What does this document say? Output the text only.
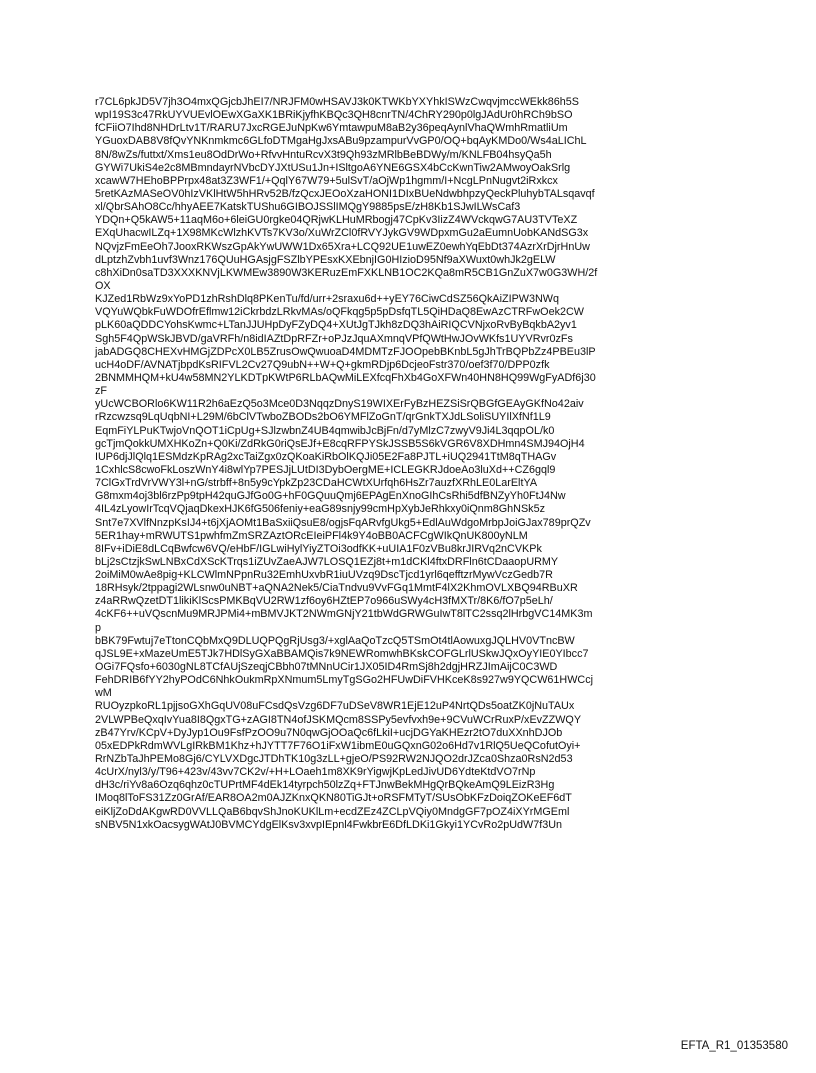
r7CL6pkJD5V7jh3O4mxQGjcbJhEI7/NRJFM0wHSAVJ3k0KTWKbYXYhkISWzCwqvjmccWEkk86h5S
wpI19S3c47RkUYVUEvlOEwXGaXK1BRiKjyfhKBQc3QH8cnrTN/4ChRY290p0lgJAdUr0hRCh9bSO
fCFiiO7Ihd8NHDrLtv1T/RARU7JxcRGEJuNpKw6YmtawpuM8aB2y36peqAynlVhaQWmhRmatliUm
YGuoxDAB8V8fQvYNKnmkmc6GLfoDTMgaHgJxsABu9pzampurVvGP0/OQ+bqAyKMDo0/Ws4aLIChL
8N/8wZs/futtxt/Xms1eu8OdDrWo+RfvvHntuRcvX3t9Qh93zMRlbBeBDWy/m/KNLFB04hsyQa5h
GYWi7UkiS4e2c8MBmndayrNVbcDYJXtUSu1Jn+ISltgoA6YNE6GSX4bCcKwnTiw2AMwoyOakSrlg
xcawW7HEhoBPPrpx48at3Z3WF1/+QqlY67W79+5ulSvT/aOjWp1hgmm/I+NcgLPnNugvt2iRxkcx
5retKAzMASeOV0hIzVKlHtW5hHRv52B/fzQcxJEOoXzaHONI1DIxBUeNdwbhpzyQeckPluhybTALsqavqf
xl/QbrSAhO8Cc/hhyAEE7KatskTUShu6GIBOJSSlIMQgY9885psE/zH8Kb1SJwILWsCaf3
YDQn+Q5kAW5+11aqM6o+6leiGU0rgke04QRjwKLHuMRbogj47CpKv3IizZ4WVckqwG7AU3TVTeXZ
EXqUhacwILZq+1X98MKcWlzhKVTs7KV3o/XuWrZCl0fRVYJykGV9WDpxmGu2aEumnUobKANdSG3x
NQvjzFmEeOh7JooxRKWszGpAkYwUWW1Dx65Xra+LCQ92UE1uwEZ0ewhYqEbDt374AzrXrDjrHnUw
dLptzhZvbh1uvf3Wnz176QUuHGAsjgFSZlbYPEsxKXEbnjIG0HIzioD95Nf9aXWuxt0whJk2gELW
c8hXiDn0saTD3XXXKNVjLKWMEw3890W3KERuzEmFXKLNB1OC2KQa8mR5CB1GnZuX7w0G3WH/2f
OX
KJZed1RbWz9xYoPD1zhRshDlq8PKenTu/fd/urr+2sraxu6d++yEY76CiwCdSZ56QkAiZIPW3NWq
VQYuWQbkFuWDOfrEflmw12iCkrbdzLRkvMAs/oQFkqg5p5pDsfqTL5QiHDaQ8EwAzCTRFwOek2CW
pLK60aQDDCYohsKwmc+LTanJJUHpDyFZyDQ4+XUtJgTJkh8zDQ3hAiRIQCVNjxoRvByBqkbA2yv1
Sgh5F4QpWSkJBVD/gaVRFh/n8idIAZtDpRFZr+oPJzJquAXmnqVPfQWtHwJOvWKfs1UYVRvr0zFs
jabADGQ8CHEXvHMGjZDPcX0LB5ZrusOwQwuoaD4MDMTzFJOOpebBKnbL5gJhTrBQPbZz4PBEu3lP
ucH4oDF/AVNATjbpdKsRIFVL2Cv27Q9ubN++W+Q+gkmRDjp6DcjeoFstr370/oef3f70/DPP0zfk
2BNMMHQM+kU4w58MN2YLKDTpKWtP6RLbAQwMiLEXfcqFhXb4GoXFWn40HN8HQ99WgFyADf6j30
zF
yUcWCBORlo6KW11R2h6aEzQ5o3Mce0D3NqqzDnyS19WIXErFyBzHEZSiSrQBGfGEAyGKfNo42aiv
rRzcwzsq9LqUqbNI+L29M/6bClVTwboZBODs2bO6YMFlZoGnT/qrGnkTXJdLSoliSUYIlXfNf1L9
EqmFiYLPuKTwjoVnQOT1iCpUg+SJlzwbnZ4UB4qmwibJcBjFn/d7yMlzC7zwyV9Ji4L3qqpOL/k0
gcTjmQokkUMXHKoZn+Q0Ki/ZdRkG0riQsEJf+E8cqRFPYSkJSSB5S6kVGR6V8XDHmn4SMJ94OjH4
IUP6djJlQlq1ESMdzKpRAg2xcTaiZgx0zQKoaKiRbOlKQJi05E2Fa8PJTL+iUQ2941TtM8qTHAGv
1CxhlcS8cwoFkLoszWnY4i8wlYp7PESJjLUtDI3DybOergME+ICLEGKRJdoeAo3luXd++CZ6gql9
7ClGxTrdVrVWY3l+nG/strbff+8n5y9cYpkZp23CDaHCWtXUrfqh6HsZr7auzfXRhLE0LarEltYA
G8mxm4oj3bl6rzPp9tpH42quGJfGo0G+hF0GQuuQmj6EPAgEnXnoGIhCsRhi5dfBNZyYh0FtJ4Nw
4IL4zLyowIrTcqVQjaqDkexHJK6fG506feniy+eaG89snjy99cmHpXybJeRhkxy0iQnm8GhNSk5z
Snt7e7XVlfNnzpKsIJ4+t6jXjAOMt1BaSxiiQsuE8/ogjsFqARvfgUkg5+EdlAuWdgoMrbpJoiGJax789prQZv
5ER1hay+mRWUTS1pwhfmZmSRZAztORcEIeiPFl4k9Y4oBB0ACFCgWIkQnUK800yNLM
8IFv+iDiE8dLCqBwfcw6VQ/eHbF/IGLwiHylYiyZTOi3odfKK+uUIA1F0zVBu8krJIRVq2nCVKPk
bLj2sCtzjkSwLNBxCdXScKTrqs1iZUvZaeAJW7LOSQ1EZj8t+m1dCKl4ftxDRFln6tCDaaopURMY
2oiMiM0wAe8pig+KLCWlmNPpnRu32EmhUxvbR1iuUVzq9DscTjcd1yrl6qefftzrMywVczGedb7R
18RHsyk/2tppagi2WLsnw0uNBT+aQNA2Nek5/CiaTndvu9VvFGq1MmtF4lX2KhmOVLXBQ94RBuXR
z4aRRwQzetDT1likiKlScsPMKBqVU2RW1zf6oy6HZtEP7o966uSWy4cH3fMXTr/8K6/fO7p5eLh/
4cKF6++uVQscnMu9MRJPMi4+mBMVJKT2NWmGNjY21tbWdGRWGuIwT8lTC2ssq2lHrbgVC14MK3m
p
bBK79Fwtuj7eTtonCQbMxQ9DLUQPQgRjUsg3/+xglAaQoTzcQ5TSmOt4tlAowuxgJQLHV0VTncBW
qJSL9E+xMazeUmE5TJk7HDlSyGXaBBAMQis7k9NEWRomwhBKskCOFGLrlUSkwJQxOyYIE0YIbcc7
OGi7FQsfo+6030gNL8TCfAUjSzeqjCBbh07tMNnUCir1JX05ID4RmSj8h2dgjHRZJImAijC0C3WD
FehDRIB6fYY2hyPOdC6NhkOukmRpXNmum5LmyTgSGo2HFUwDiFVHKceK8s927w9YQCW61HWCcj
wM
RUOyzpkoRL1pjjsoGXhGqUV08uFCsdQsVzg6DF7uDSeV8WR1EjE12uP4NrtQDs5oatZK0jNuTAUx
2VLWPBeQxqIvYua8I8QgxTG+zAGI8TN4ofJSKMQcm8SSPy5evfvxh9e+9CVuWCrRuxP/xEvZZWQY
zB47Yrv/KCpV+DyJyp1Ou9FsfPzOO9u7N0qwGjOOaQc6fLkiI+ucjDGYaKHEzr2tO7duXXnhDJOb
05xEDPkRdmWVLgIRkBM1Khz+hJYTT7F76O1iFxW1ibmE0uGQxnG02o6Hd7v1RlQ5UeQCofutOyi+
RrNZbTaJhPEMo8Gj6/CYLVXDgcJTDhTK10g3zLL+gjeO/PS92RW2NJQO2drJZca0Shza0RsN2d53
4cUrX/nyl3/y/T96+423v/43vv7CK2v/+H+LOaeh1m8XK9rYigwjKpLedJivUD6YdteKtdVO7rNp
dH3c/riYv8a6Ozq6qhz0cTUPrtMF4dEk14tyrpch50lzZq+FTJnwBekMHgQrBQkeAmQ9LEizR3Hg
IMoq8lToFS31Zz0GrAf/EAR8OA2m0AJZKnxQKN80TiGJt+oRSFMTyT/SUsObKFzDoiqZOKeEF6dT
eiKljZoDdAKgwRD0VVLLQaB6bqvShJnoKUKlLm+ecdZEz4ZCLpVQiy0MndgGF7pOZ4iXYrMGEml
sNBV5N1xkOacsygWAtJ0BVMCYdgElKsv3xvpIEpnl4FwkbrE6DfLDKi1Gkyi1YCvRo2pUdW7f3Un
EFTA_R1_01353580
